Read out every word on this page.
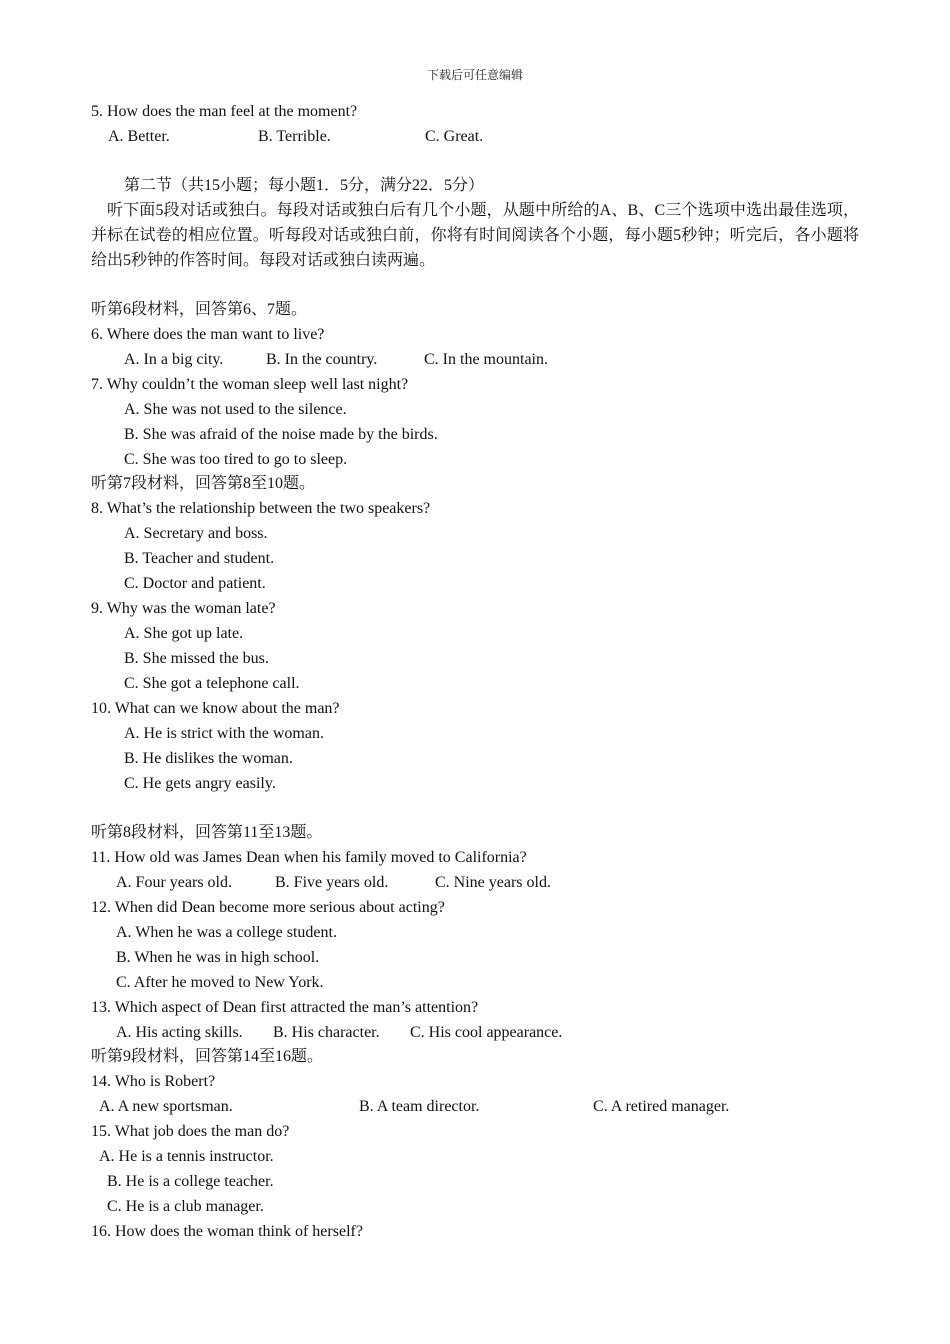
下载后可任意编辑
5. How does the man feel at the moment?
A. Better.	B. Terrible.	C. Great.
第二节（共15小题；每小题1．5分，满分22．5分）
听下面5段对话或独白。每段对话或独白后有几个小题，从题中所给的A、B、C三个选项中选出最佳选项，并标在试卷的相应位置。听每段对话或独白前，你将有时间阅读各个小题，每小题5秒钟；听完后，各小题将给出5秒钟的作答时间。每段对话或独白读两遍。
听第6段材料，回答第6、7题。
6. Where does the man want to live?
A. In a big city.	B. In the country.	C. In the mountain.
7. Why couldn’t the woman sleep well last night?
A. She was not used to the silence.
B. She was afraid of the noise made by the birds.
C. She was too tired to go to sleep.
听第7段材料，回答第8至10题。
8. What’s the relationship between the two speakers?
A. Secretary and boss.
B. Teacher and student.
C. Doctor and patient.
9. Why was the woman late?
A. She got up late.
B. She missed the bus.
C. She got a telephone call.
10. What can we know about the man?
A. He is strict with the woman.
B. He dislikes the woman.
C. He gets angry easily.
听第8段材料，回答第11至13题。
11. How old was James Dean when his family moved to California?
A. Four years old.	B. Five years old.	C. Nine years old.
12. When did Dean become more serious about acting?
A. When he was a college student.
B. When he was in high school.
C. After he moved to New York.
13. Which aspect of Dean first attracted the man’s attention?
A. His acting skills. B. His character. C. His cool appearance.
听第9段材料，回答第14至16题。
14. Who is Robert?
A. A new sportsman.	B. A team director.	C. A retired manager.
15. What job does the man do?
A. He is a tennis instructor.
B. He is a college teacher.
C. He is a club manager.
16. How does the woman think of herself?
